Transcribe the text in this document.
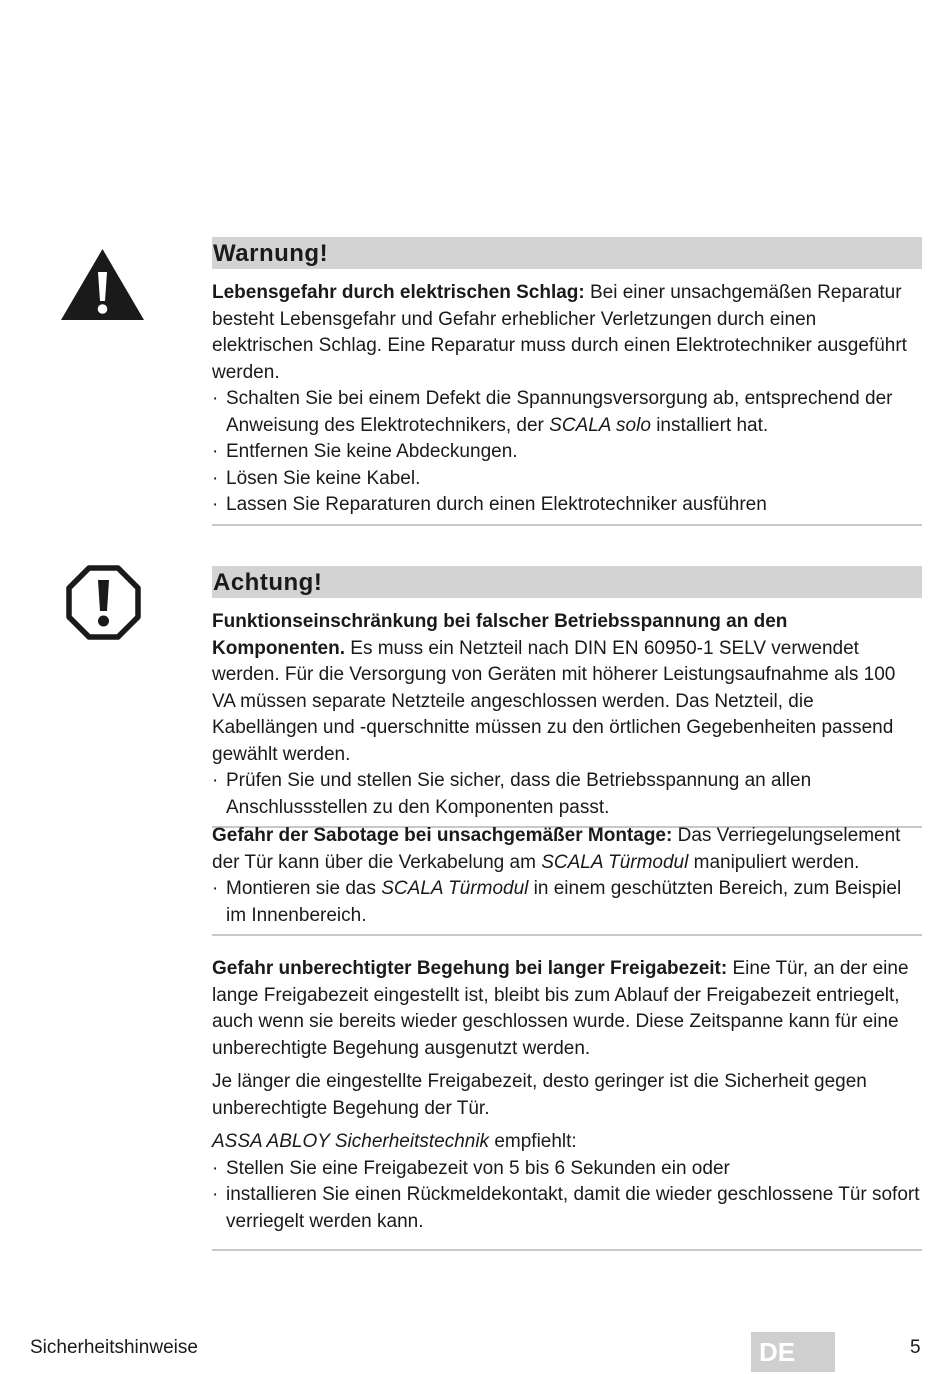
Warnung!

Lebensgefahr durch elektrischen Schlag: Bei einer unsachgemäßen Reparatur besteht Lebensgefahr und Gefahr erheblicher Verletzungen durch einen elektrischen Schlag. Eine Reparatur muss durch einen Elektrotechniker ausgeführt werden.

· Schalten Sie bei einem Defekt die Spannungsversorgung ab, entsprechend der Anweisung des Elektrotechnikers, der SCALA solo installiert hat.
· Entfernen Sie keine Abdeckungen.
· Lösen Sie keine Kabel.
· Lassen Sie Reparaturen durch einen Elektrotechniker ausführen
Achtung!

Funktionseinschränkung bei falscher Betriebsspannung an den Komponenten. Es muss ein Netzteil nach DIN EN 60950-1 SELV verwendet werden. Für die Versorgung von Geräten mit höherer Leistungsaufnahme als 100 VA müssen separate Netzteile angeschlossen werden. Das Netzteil, die Kabellängen und -querschnitte müssen zu den örtlichen Gegebenheiten passend gewählt werden.

· Prüfen Sie und stellen Sie sicher, dass die Betriebsspannung an allen Anschlussstellen zu den Komponenten passt.

Gefahr der Sabotage bei unsachgemäßer Montage: Das Verriegelungselement der Tür kann über die Verkabelung am SCALA Türmodul manipuliert werden.

· Montieren sie das SCALA Türmodul in einem geschützten Bereich, zum Beispiel im Innenbereich.

Gefahr unberechtigter Begehung bei langer Freigabezeit: Eine Tür, an der eine lange Freigabezeit eingestellt ist, bleibt bis zum Ablauf der Freigabezeit entriegelt, auch wenn sie bereits wieder geschlossen wurde. Diese Zeitspanne kann für eine unberechtigte Begehung ausgenutzt werden.

Je länger die eingestellte Freigabezeit, desto geringer ist die Sicherheit gegen unberechtigte Begehung der Tür.

ASSA ABLOY Sicherheitstechnik empfiehlt:

· Stellen Sie eine Freigabezeit von 5 bis 6 Sekunden ein oder
· installieren Sie einen Rückmeldekontakt, damit die wieder geschlossene Tür sofort verriegelt werden kann.
Sicherheitshinweise	DE	5
